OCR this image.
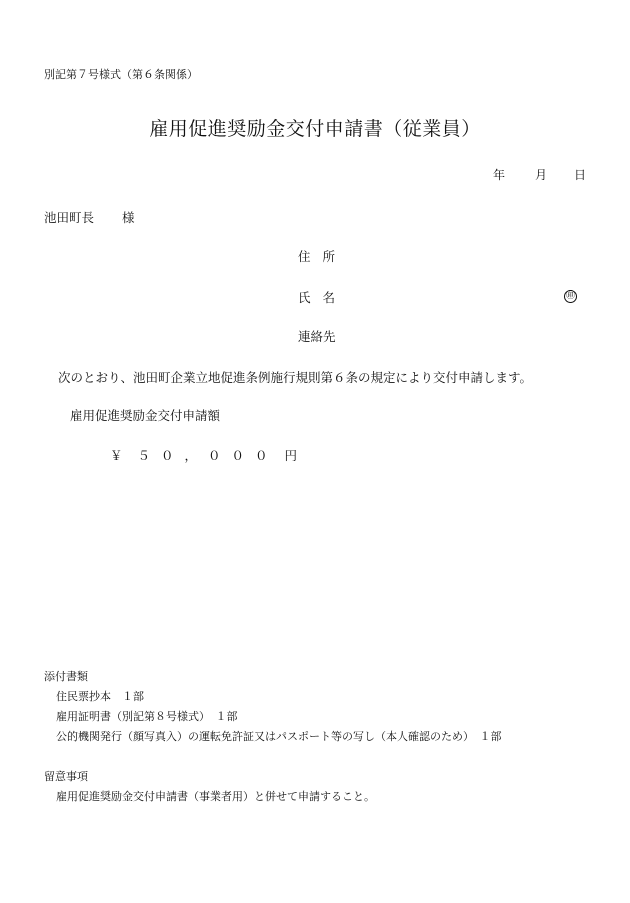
別記第７号様式（第６条関係）
雇用促進奨励金交付申請書（従業員）
年 月 日
池田町長 様
住所
氏名	㊞
連絡先
次のとおり、池田町企業立地促進条例施行規則第６条の規定により交付申請します。
雇用促進奨励金交付申請額
￥ ５０，０００ 円
添付書類
住民票抄本　１部
雇用証明書（別記第８号様式）　１部
公的機関発行（顔写真入）の運転免許証又はパスポート等の写し（本人確認のため）　１部
留意事項
雇用促進奨励金交付申請書（事業者用）と併せて申請すること。
